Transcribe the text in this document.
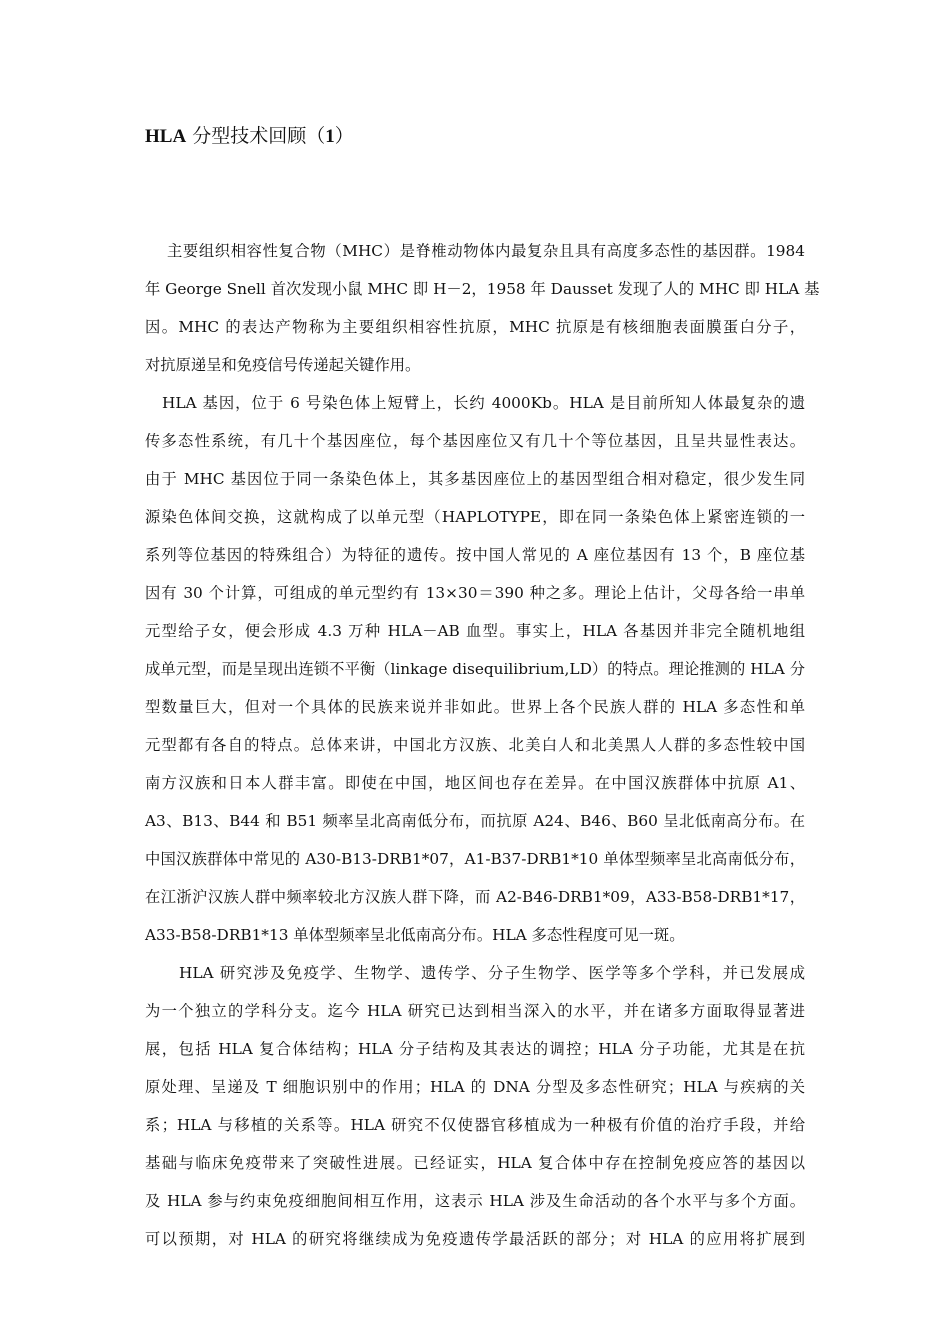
HLA 分型技术回顾（1）
主要组织相容性复合物（MHC）是脊椎动物体内最复杂且具有高度多态性的基因群。1984
年 George Snell 首次发现小鼠 MHC 即 H－2，1958 年 Dausset 发现了人的 MHC 即 HLA 基
因。MHC 的表达产物称为主要组织相容性抗原，MHC 抗原是有核细胞表面膜蛋白分子，
对抗原递呈和免疫信号传递起关键作用。
HLA 基因，位于 6 号染色体上短臂上，长约 4000Kb。HLA 是目前所知人体最复杂的遗
传多态性系统，有几十个基因座位，每个基因座位又有几十个等位基因，且呈共显性表达。
由于 MHC 基因位于同一条染色体上，其多基因座位上的基因型组合相对稳定，很少发生同
源染色体间交换，这就构成了以单元型（HAPLOTYPE，即在同一条染色体上紧密连锁的一
系列等位基因的特殊组合）为特征的遗传。按中国人常见的 A 座位基因有 13 个，B 座位基
因有 30 个计算，可组成的单元型约有 13×30＝390 种之多。理论上估计，父母各给一串单
元型给子女，便会形成 4.3 万种 HLA－AB 血型。事实上，HLA 各基因并非完全随机地组
成单元型，而是呈现出连锁不平衡（linkage disequilibrium,LD）的特点。理论推测的 HLA 分
型数量巨大，但对一个具体的民族来说并非如此。世界上各个民族人群的 HLA 多态性和单
元型都有各自的特点。总体来讲，中国北方汉族、北美白人和北美黑人人群的多态性较中国
南方汉族和日本人群丰富。即使在中国，地区间也存在差异。在中国汉族群体中抗原 A1、
A3、B13、B44 和 B51 频率呈北高南低分布，而抗原 A24、B46、B60 呈北低南高分布。在
中国汉族群体中常见的 A30-B13-DRB1*07，A1-B37-DRB1*10 单体型频率呈北高南低分布，
在江浙沪汉族人群中频率较北方汉族人群下降，而 A2-B46-DRB1*09，A33-B58-DRB1*17，
A33-B58-DRB1*13 单体型频率呈北低南高分布。HLA 多态性程度可见一斑。
HLA 研究涉及免疫学、生物学、遗传学、分子生物学、医学等多个学科，并已发展成
为一个独立的学科分支。迄今 HLA 研究已达到相当深入的水平，并在诸多方面取得显著进
展，包括 HLA 复合体结构；HLA 分子结构及其表达的调控；HLA 分子功能，尤其是在抗
原处理、呈递及 T 细胞识别中的作用；HLA 的 DNA 分型及多态性研究；HLA 与疾病的关
系；HLA 与移植的关系等。HLA 研究不仅使器官移植成为一种极有价值的治疗手段，并给
基础与临床免疫带来了突破性进展。已经证实，HLA 复合体中存在控制免疫应答的基因以
及 HLA 参与约束免疫细胞间相互作用，这表示 HLA 涉及生命活动的各个水平与多个方面。
可以预期，对 HLA 的研究将继续成为免疫遗传学最活跃的部分；对 HLA 的应用将扩展到
